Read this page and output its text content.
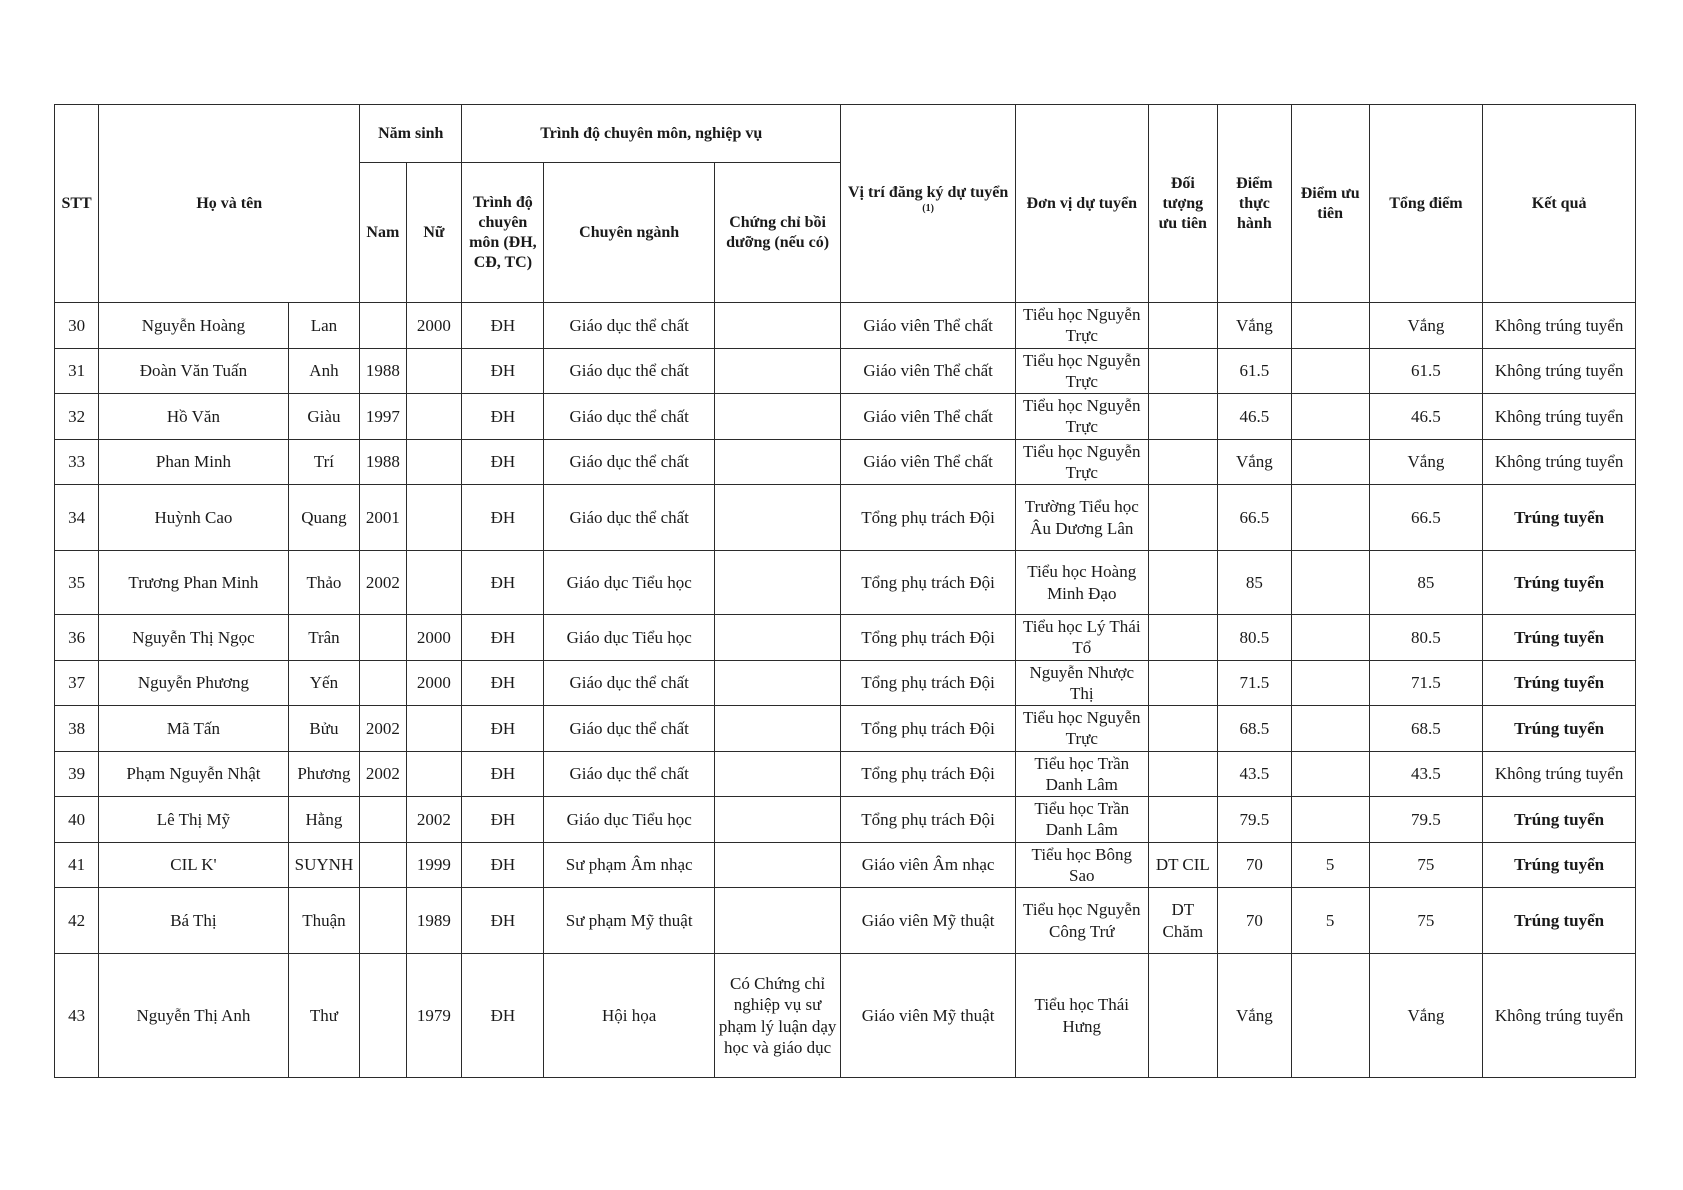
STT	Họ và tên		Năm sinh		Trình độ chuyên môn, nghiệp vụ			Vị trí đăng ký dự tuyển $^{(1)}$	Đơn vị dự tuyển	Đối tượng ưu tiên	Điểm thực hành	Điểm ưu tiên	Tổng điểm	Kết quả
			Nam	Nữ	Trình độ chuyên môn (ĐH, CĐ, TC)	Chuyên ngành	Chứng chỉ bồi dưỡng (nếu có)							
30	Nguyễn Hoàng	Lan		2000	ĐH	Giáo dục thể chất		Giáo viên Thể chất	Tiểu học Nguyễn Trực		Vắng		Vắng	Không trúng tuyển
31	Đoàn Văn Tuấn	Anh	1988		ĐH	Giáo dục thể chất		Giáo viên Thể chất	Tiểu học Nguyễn Trực		61.5		61.5	Không trúng tuyển
32	Hồ Văn	Giàu	1997		ĐH	Giáo dục thể chất		Giáo viên Thể chất	Tiểu học Nguyễn Trực		46.5		46.5	Không trúng tuyển
33	Phan Minh	Trí	1988		ĐH	Giáo dục thể chất		Giáo viên Thể chất	Tiểu học Nguyễn Trực		Vắng		Vắng	Không trúng tuyển
34	Huỳnh Cao	Quang	2001		ĐH	Giáo dục thể chất		Tổng phụ trách Đội	Trường Tiểu học Âu Dương Lân		66.5		66.5	Trúng tuyển
35	Trương Phan Minh	Thảo	2002		ĐH	Giáo dục Tiểu học		Tổng phụ trách Đội	Tiểu học Hoàng Minh Đạo		85		85	Trúng tuyển
36	Nguyễn Thị Ngọc	Trân		2000	ĐH	Giáo dục Tiểu học		Tổng phụ trách Đội	Tiểu học Lý Thái Tổ		80.5		80.5	Trúng tuyển
37	Nguyễn Phương	Yến		2000	ĐH	Giáo dục thể chất		Tổng phụ trách Đội	Nguyễn Nhược Thị		71.5		71.5	Trúng tuyển
38	Mã Tấn	Bửu	2002		ĐH	Giáo dục thể chất		Tổng phụ trách Đội	Tiểu học Nguyễn Trực		68.5		68.5	Trúng tuyển
39	Phạm Nguyễn Nhật	Phương	2002		ĐH	Giáo dục thể chất		Tổng phụ trách Đội	Tiểu học Trần Danh Lâm		43.5		43.5	Không trúng tuyển
40	Lê Thị Mỹ	Hằng		2002	ĐH	Giáo dục Tiểu học		Tổng phụ trách Đội	Tiểu học Trần Danh Lâm		79.5		79.5	Trúng tuyển
41	CIL K'	SUYNH		1999	ĐH	Sư phạm Âm nhạc		Giáo viên Âm nhạc	Tiểu học Bông Sao	DT CIL	70	5	75	Trúng tuyển
42	Bá Thị	Thuận		1989	ĐH	Sư phạm Mỹ thuật		Giáo viên Mỹ thuật	Tiểu học Nguyễn Công Trứ	DT Chăm	70	5	75	Trúng tuyển
43	Nguyễn Thị Anh	Thư		1979	ĐH	Hội họa	Có Chứng chỉ nghiệp vụ sư phạm lý luận dạy học và giáo dục	Giáo viên Mỹ thuật	Tiểu học Thái Hưng		Vắng		Vắng	Không trúng tuyển
